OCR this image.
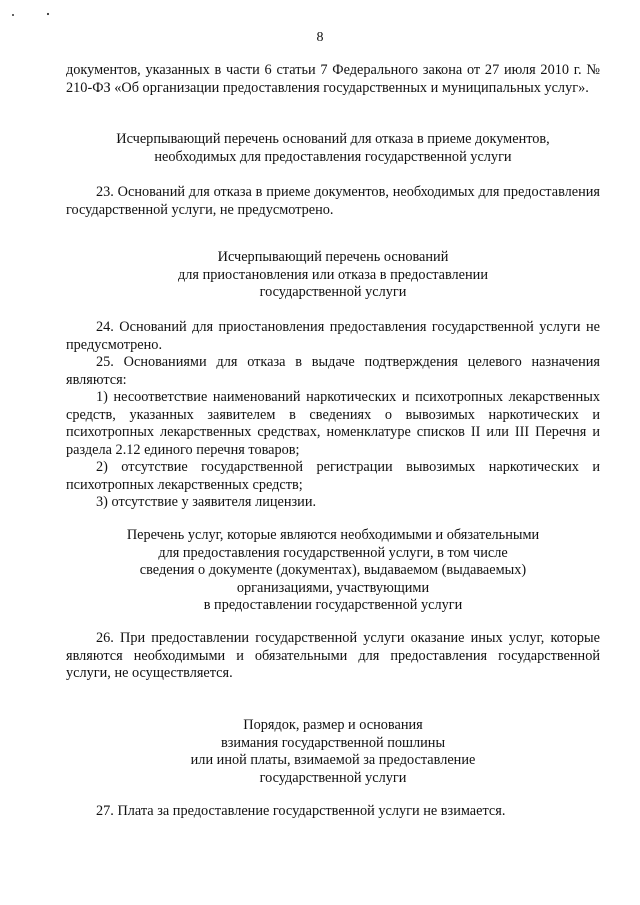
8

документов, указанных в части 6 статьи 7 Федерального закона от 27 июля 2010 г. № 210-ФЗ «Об организации предоставления государственных и муниципальных услуг».

Исчерпывающий перечень оснований для отказа в приеме документов,
необходимых для предоставления государственной услуги

23. Оснований для отказа в приеме документов, необходимых для предоставления государственной услуги, не предусмотрено.

Исчерпывающий перечень оснований
для приостановления или отказа в предоставлении
государственной услуги

24. Оснований для приостановления предоставления государственной услуги не предусмотрено.

25. Основаниями для отказа в выдаче подтверждения целевого назначения являются:

1) несоответствие наименований наркотических и психотропных лекарственных средств, указанных заявителем в сведениях о вывозимых наркотических и психотропных лекарственных средствах, номенклатуре списков II или III Перечня и раздела 2.12 единого перечня товаров;

2) отсутствие государственной регистрации вывозимых наркотических и психотропных лекарственных средств;

3) отсутствие у заявителя лицензии.

Перечень услуг, которые являются необходимыми и обязательными
для предоставления государственной услуги, в том числе
сведения о документе (документах), выдаваемом (выдаваемых)
организациями, участвующими
в предоставлении государственной услуги

26. При предоставлении государственной услуги оказание иных услуг, которые являются необходимыми и обязательными для предоставления государственной услуги, не осуществляется.

Порядок, размер и основания
взимания государственной пошлины
или иной платы, взимаемой за предоставление
государственной услуги

27. Плата за предоставление государственной услуги не взимается.
